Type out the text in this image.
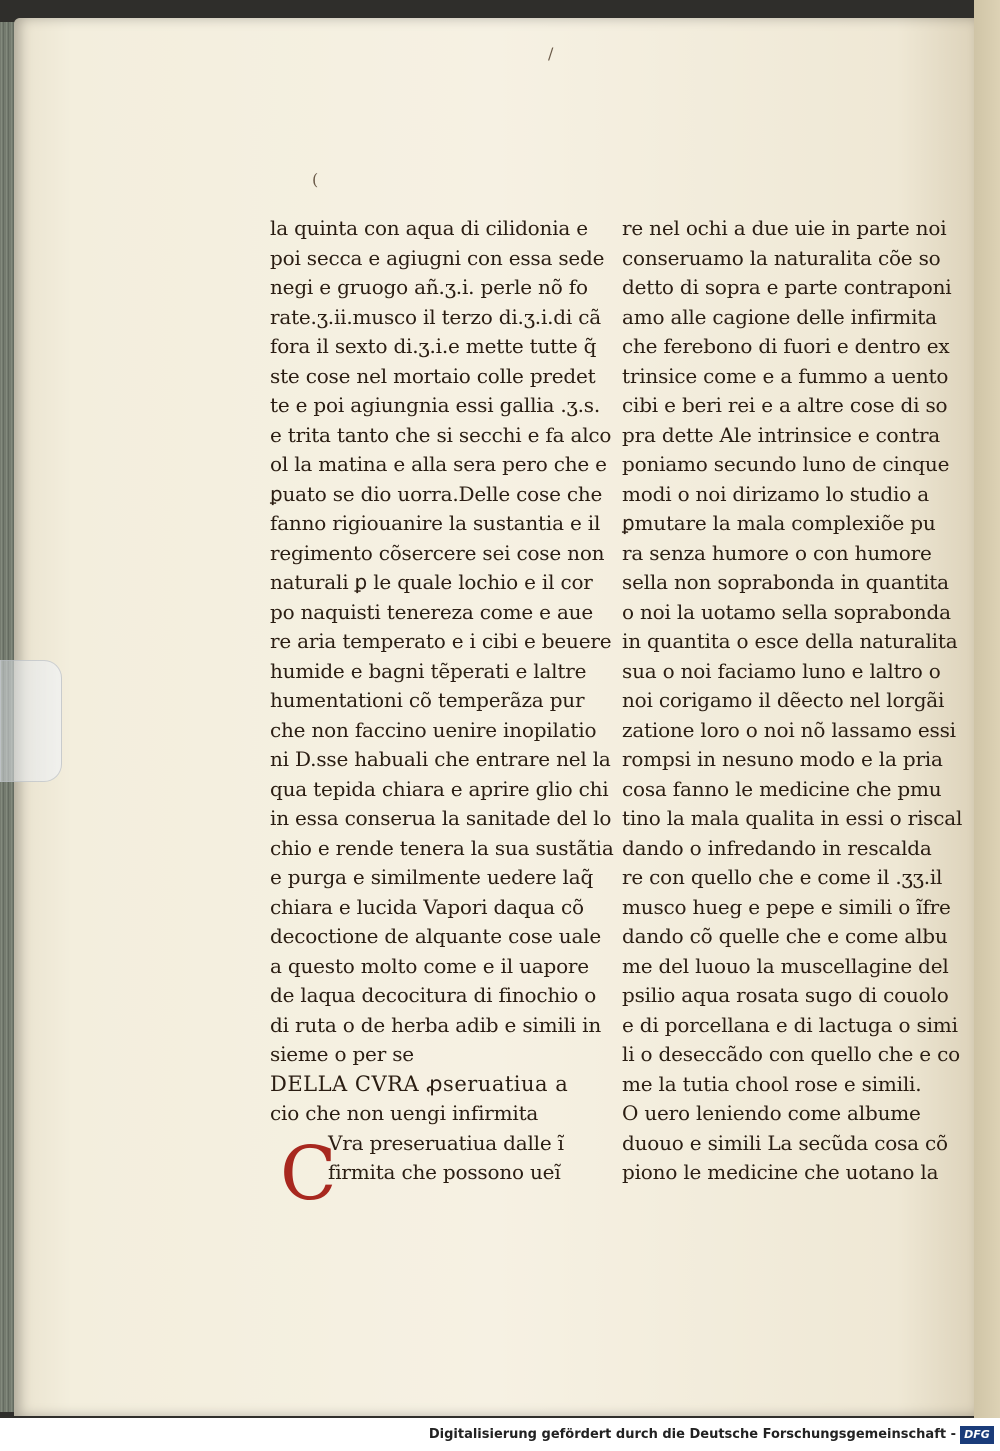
/
(
la quinta con aqua di cilidonia e
poi secca e agiugni con essa sede
negi e gruogo añ.ʒ.i. perle nõ fo
rate.ʒ.ii.musco il terzo di.ʒ.i.di cã
fora il sexto di.ʒ.i.e mette tutte q̃
ste cose nel mortaio colle predet
te e poi agiungnia essi gallia .ʒ.s.
e trita tanto che si secchi e fa alco
ol la matina e alla sera pero che e
ꝑuato se dio uorra.Delle cose che
fanno rigiouanire la sustantia e il
regimento cõsercere sei cose non
naturali ꝑ le quale lochio e il cor
po naquisti tenereza come e aue
re aria temperato e i cibi e beuere
humide e bagni tẽperati e laltre
humentationi cõ temperãza pur
che non faccino uenire inopilatio
ni D.sse habuali che entrare nel la
qua tepida chiara e aprire glio chi
in essa conserua la sanitade del lo
chio e rende tenera la sua sustãtia
e purga e similmente uedere laq̃
chiara e lucida Vapori daqua cõ
decoctione de alquante cose uale
a questo molto come e il uapore
de laqua decocitura di finochio o
di ruta o de herba adib e simili in
sieme o per se
DELLA CVRA ꝓseruatiua a
cio che non uengi infirmita
C
Vra preseruatiua dalle ĩ
firmita che possono ueĩ
re nel ochi a due uie in parte noi
conseruamo la naturalita cõe so
detto di sopra e parte contraponi
amo alle cagione delle infirmita
che ferebono di fuori e dentro ex
trinsice come e a fummo a uento
cibi e beri rei e a altre cose di so
pra dette Ale intrinsice e contra
poniamo secundo luno de cinque
modi o noi dirizamo lo studio a
ꝑmutare la mala complexiõe pu
ra senza humore o con humore
sella non soprabonda in quantita
o noi la uotamo sella soprabonda
in quantita o esce della naturalita
sua o noi faciamo luno e laltro o
noi corigamo il dẽecto nel lorgãi
zatione loro o noi nõ lassamo essi
rompsi in nesuno modo e la pria
cosa fanno le medicine che pmu
tino la mala qualita in essi o riscal
dando o infredando in rescalda
re con quello che e come il .ʒʒ.il
musco hueg e pepe e simili o ĩfre
dando cõ quelle che e come albu
me del luouo la muscellagine del
psilio aqua rosata sugo di couolo
e di porcellana e di lactuga o simi
li o deseccãdo con quello che e co
me la tutia chool rose e simili.
O uero leniendo come albume
duouo e simili La secũda cosa cõ
piono le medicine che uotano la
Digitalisierung gefördert durch die Deutsche Forschungsgemeinschaft - DFG
